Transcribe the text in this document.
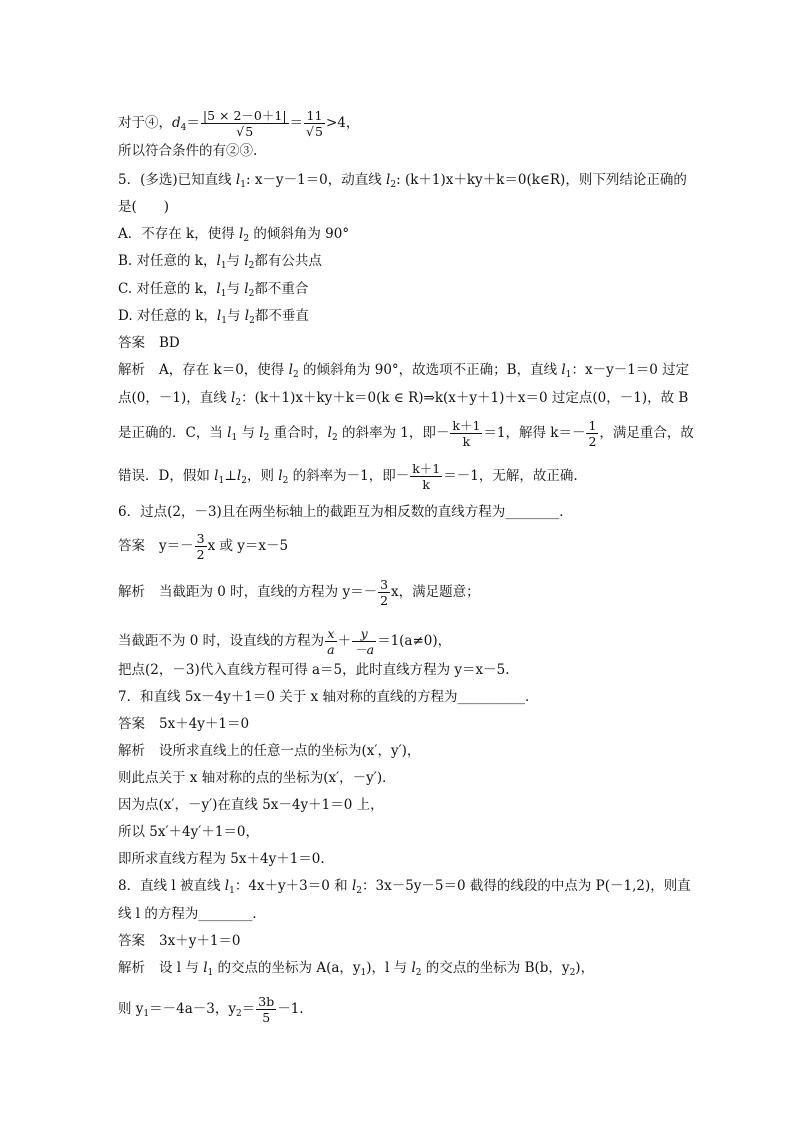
对于④，$d_4= \frac{|5 \times 2-0+1|}{√5} = \frac{11}{√5} >4$，
所以符合条件的有②③.
5．(多选)已知直线 $l_1$: x－y－1＝0，动直线 $l_2$: (k＋1)x＋ky＋k＝0(k∈R)，则下列结论正确的
是(　　)
A．不存在 k，使得 $l_2$ 的倾斜角为 90°
B. 对任意的 k，$l_1$与 $l_2$都有公共点
C. 对任意的 k，$l_1$与 $l_2$都不重合
D. 对任意的 k，$l_1$与 $l_2$都不垂直
答案 BD
解析 A，存在 k＝0，使得 $l_2$ 的倾斜角为 90°，故选项不正确；B，直线 $l_1$：x－y－1＝0 过定
点(0，－1)，直线 $l_2$：(k＋1)x＋ky＋k＝0(k ∈ R)⇒k(x＋y＋1)＋x＝0 过定点(0，－1)，故 B
是正确的．C，当 $l_1$ 与 $l_2$ 重合时，$l_2$ 的斜率为 1，即－ $\frac{k+1}{k} =1$，解得 $k=- \frac{1}{2}$ ，满足重合，故
错误．D，假如 $l_1\perp l_2$，则 $l_2$ 的斜率为－1，即－ $\frac{k+1}{k} =-1$，无解，故正确.
6．过点(2，－3)且在两坐标轴上的截距互为相反数的直线方程为________．
答案 $y=- \frac{3}{2}$ x 或 y＝x－5
解析 当截距为 0 时，直线的方程为 $y=- \frac{3}{2}$ x，满足题意；
当截距不为 0 时，设直线的方程为 $\frac{x}{a} + \frac{y}{-a} =1(a\ne 0)$，
把点(2，－3)代入直线方程可得 a＝5，此时直线方程为 y＝x－5.
7．和直线 5x－4y＋1＝0 关于 x 轴对称的直线的方程为__________．
答案 5x＋4y＋1＝0
解析 设所求直线上的任意一点的坐标为(x′，y′)，
则此点关于 x 轴对称的点的坐标为(x′，－y′)．
因为点(x′，－y′)在直线 5x－4y＋1＝0 上，
所以 5x′＋4y′＋1＝0，
即所求直线方程为 5x＋4y＋1＝0.
8．直线 l 被直线 $l_1$：4x＋y＋3＝0 和 $l_2$：3x－5y－5＝0 截得的线段的中点为 P(－1,2)，则直
线 l 的方程为________．
答案 3x＋y＋1＝0
解析 设 l 与 $l_1$ 的交点的坐标为 A(a，$y_1$)，l 与 $l_2$ 的交点的坐标为 B(b，$y_2$)，
则 $y_1=-4a-3$，$y_2= \frac{3b}{5} -1$.
